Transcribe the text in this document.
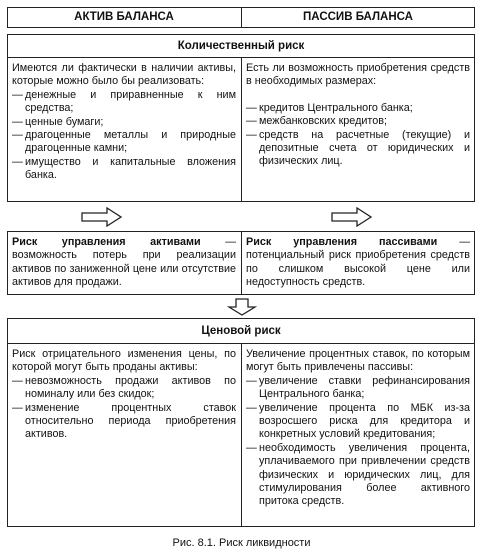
АКТИВ БАЛАНСА	ПАССИВ БАЛАНСА
Количественный риск
Имеются ли фактически в наличии активы, которые можно было бы реализовать:
— денежные и приравненные к ним средства;
— ценные бумаги;
— драгоценные металлы и природные драгоценные камни;
— имущество и капитальные вложения банка.
Есть ли возможность приобретения средств в необходимых размерах:
— кредитов Центрального банка;
— межбанковских кредитов;
— средств на расчетные (текущие) и депозитные счета от юридических и физических лиц.
Риск управления активами — возможность потерь при реализации активов по заниженной цене или отсутствие активов для продажи.
Риск управления пассивами — потенциальный риск приобретения средств по слишком высокой цене или недоступность средств.
Ценовой риск
Риск отрицательного изменения цены, по которой могут быть проданы активы:
— невозможность продажи активов по номиналу или без скидок;
— изменение процентных ставок относительно периода приобретения активов.
Увеличение процентных ставок, по которым могут быть привлечены пассивы:
— увеличение ставки рефинансирования Центрального банка;
— увеличение процента по МБК из-за возросшего риска для кредитора и конкретных условий кредитования;
— необходимость увеличения процента, уплачиваемого при привлечении средств физических и юридических лиц, для стимулирования более активного притока средств.
Рис. 8.1. Риск ликвидности
